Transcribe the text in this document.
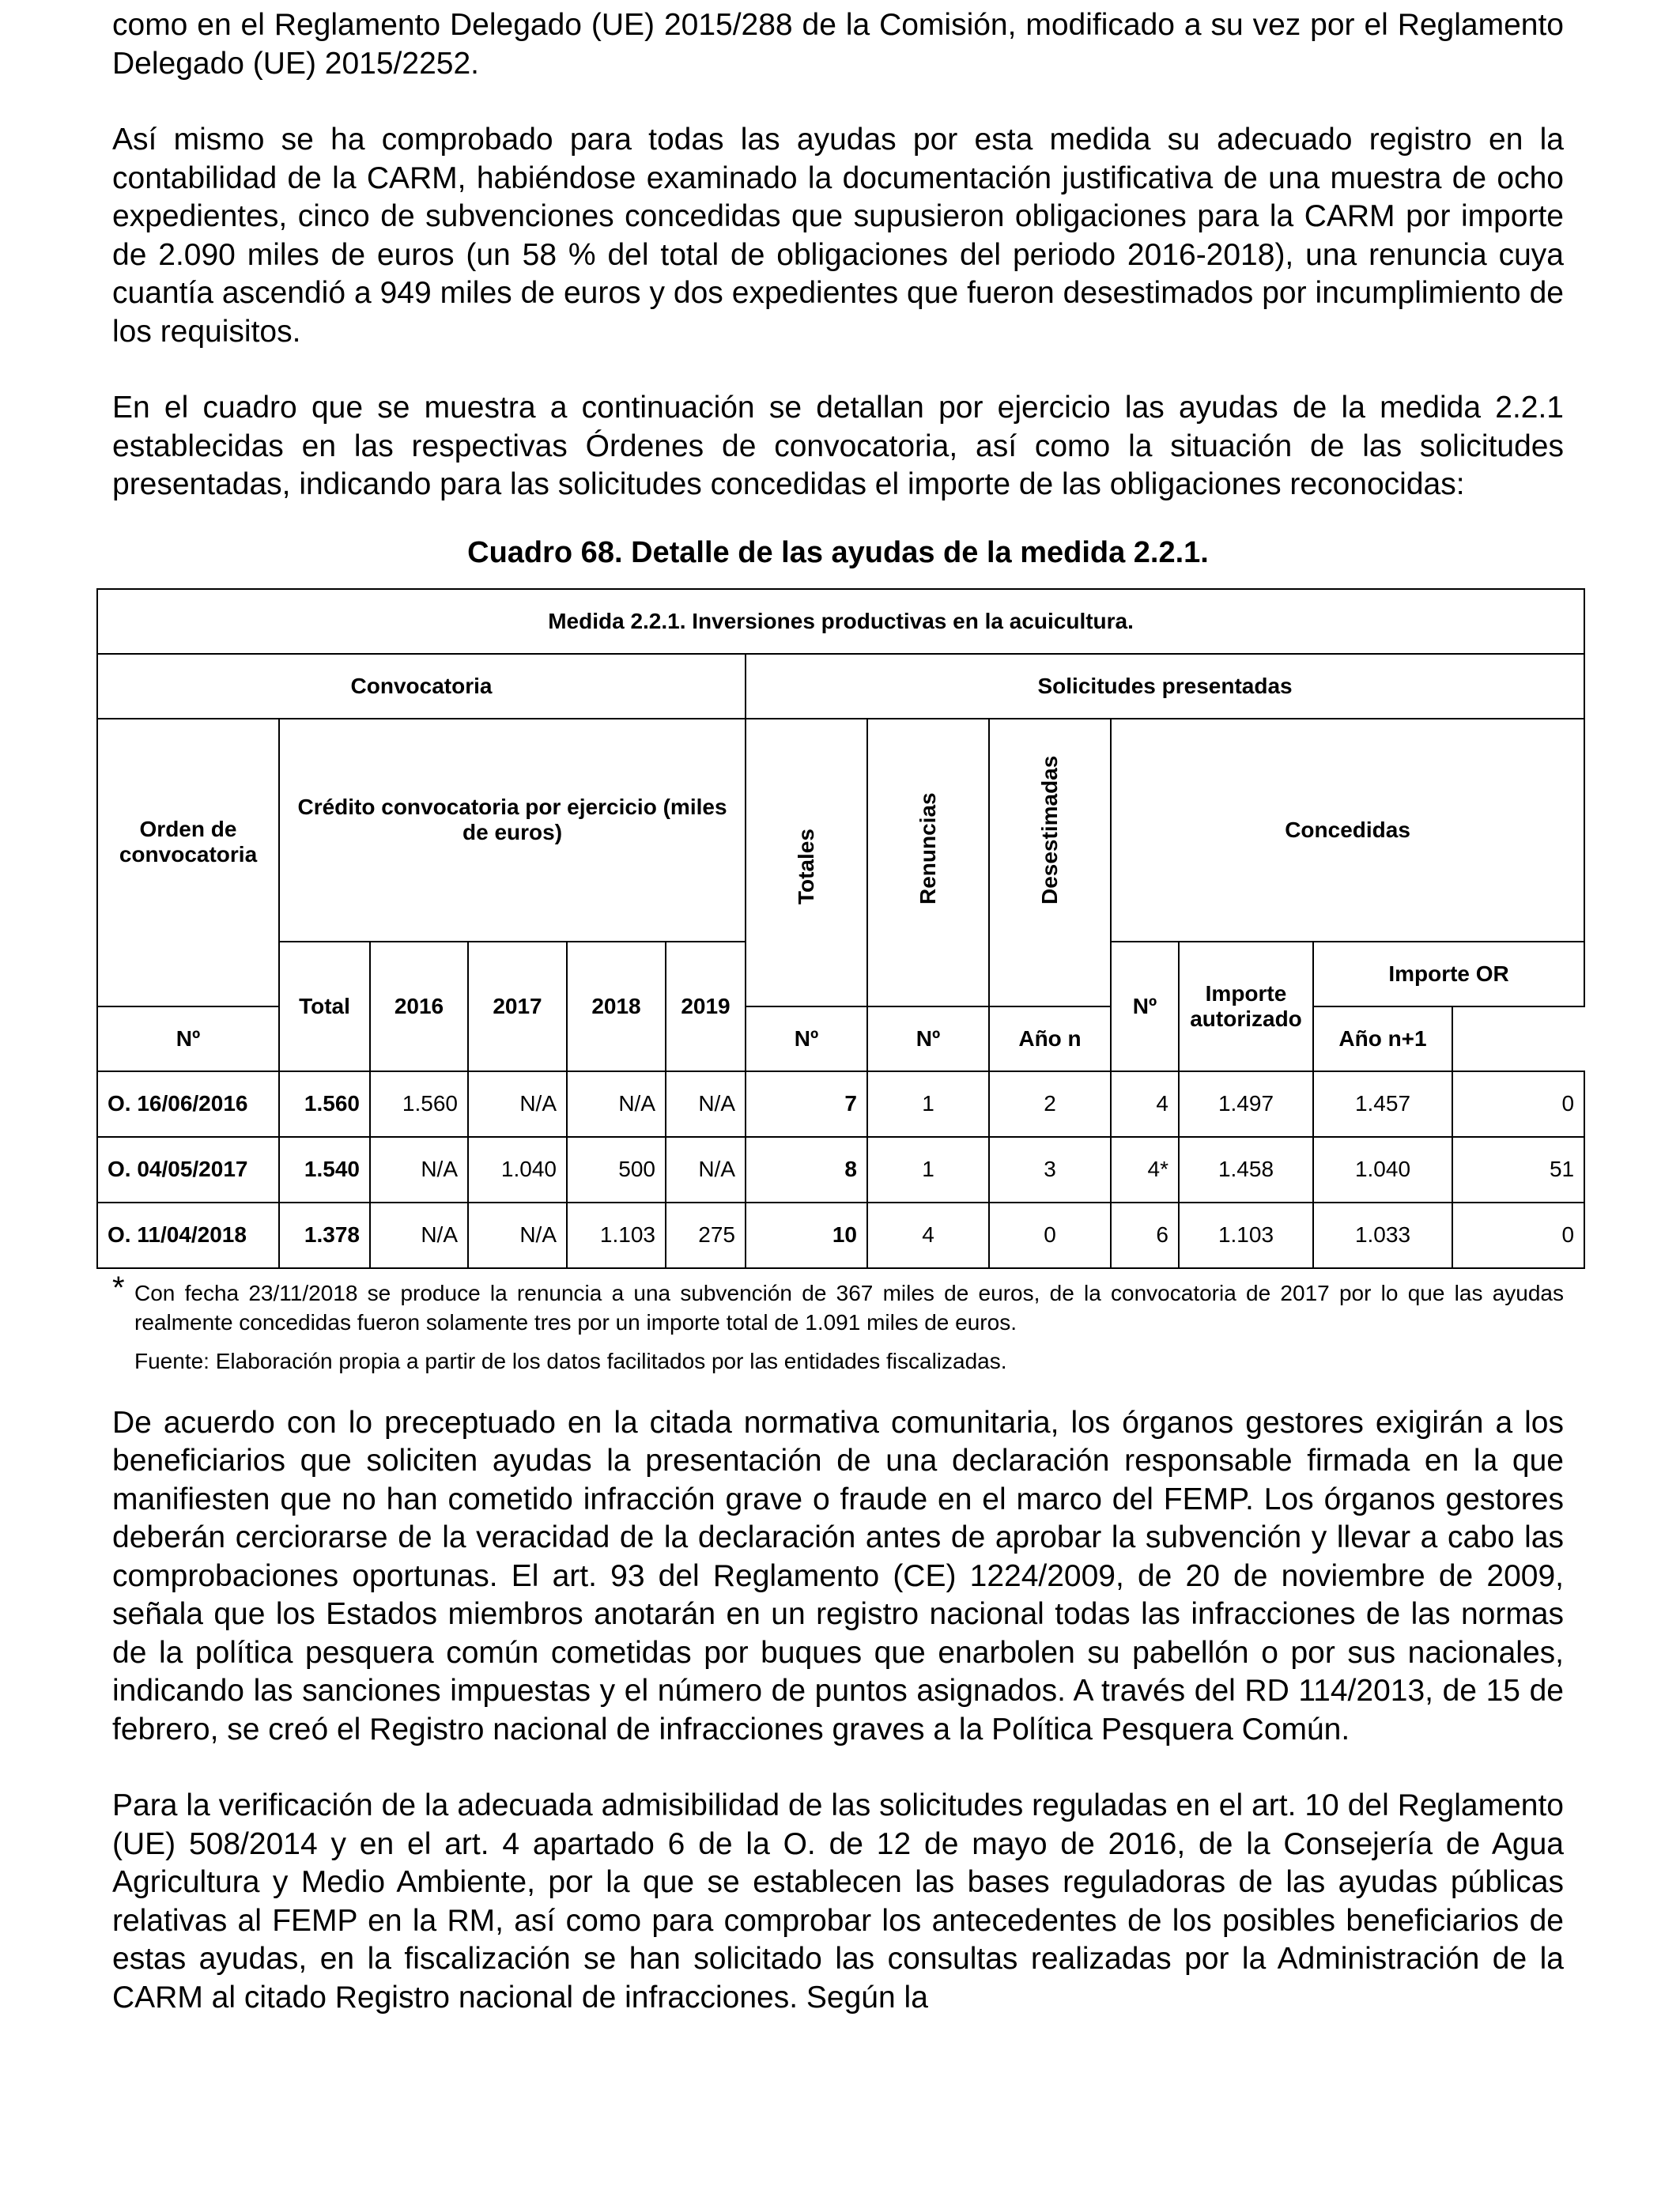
como en el Reglamento Delegado (UE) 2015/288 de la Comisión, modificado a su vez por el Reglamento Delegado (UE) 2015/2252.

Así mismo se ha comprobado para todas las ayudas por esta medida su adecuado registro en la contabilidad de la CARM, habiéndose examinado la documentación justificativa de una muestra de ocho expedientes, cinco de subvenciones concedidas que supusieron obligaciones para la CARM por importe de 2.090 miles de euros (un 58 % del total de obligaciones del periodo 2016-2018), una renuncia cuya cuantía ascendió a 949 miles de euros y dos expedientes que fueron desestimados por incumplimiento de los requisitos.

En el cuadro que se muestra a continuación se detallan por ejercicio las ayudas de la medida 2.2.1 establecidas en las respectivas Órdenes de convocatoria, así como la situación de las solicitudes presentadas, indicando para las solicitudes concedidas el importe de las obligaciones reconocidas:

Cuadro 68. Detalle de las ayudas de la medida 2.2.1.

Medida 2.2.1. Inversiones productivas en la acuicultura.												
Convocatoria						Solicitudes presentadas						
Orden de convocatoria	Crédito convocatoria por ejercicio (miles de euros)					Totales	Renuncias	Desestimadas	Concedidas			
	Total	2016	2017	2018	2019				Nº	Importe autorizado	Importe OR	
Nº						Nº	Nº	Año n			Año n+1	
O. 16/06/2016	1.560	1.560	N/A	N/A	N/A	7	1	2	4	1.497	1.457	0
O. 04/05/2017	1.540	N/A	1.040	500	N/A	8	1	3	4*	1.458	1.040	51
O. 11/04/2018	1.378	N/A	N/A	1.103	275	10	4	0	6	1.103	1.033	0
* Con fecha 23/11/2018 se produce la renuncia a una subvención de 367 miles de euros, de la convocatoria de 2017 por lo que las ayudas realmente concedidas fueron solamente tres por un importe total de 1.091 miles de euros.

Fuente: Elaboración propia a partir de los datos facilitados por las entidades fiscalizadas.

De acuerdo con lo preceptuado en la citada normativa comunitaria, los órganos gestores exigirán a los beneficiarios que soliciten ayudas la presentación de una declaración responsable firmada en la que manifiesten que no han cometido infracción grave o fraude en el marco del FEMP. Los órganos gestores deberán cerciorarse de la veracidad de la declaración antes de aprobar la subvención y llevar a cabo las comprobaciones oportunas. El art. 93 del Reglamento (CE) 1224/2009, de 20 de noviembre de 2009, señala que los Estados miembros anotarán en un registro nacional todas las infracciones de las normas de la política pesquera común cometidas por buques que enarbolen su pabellón o por sus nacionales, indicando las sanciones impuestas y el número de puntos asignados. A través del RD 114/2013, de 15 de febrero, se creó el Registro nacional de infracciones graves a la Política Pesquera Común.

Para la verificación de la adecuada admisibilidad de las solicitudes reguladas en el art. 10 del Reglamento (UE) 508/2014 y en el art. 4 apartado 6 de la O. de 12 de mayo de 2016, de la Consejería de Agua Agricultura y Medio Ambiente, por la que se establecen las bases reguladoras de las ayudas públicas relativas al FEMP en la RM, así como para comprobar los antecedentes de los posibles beneficiarios de estas ayudas, en la fiscalización se han solicitado las consultas realizadas por la Administración de la CARM al citado Registro nacional de infracciones. Según la
